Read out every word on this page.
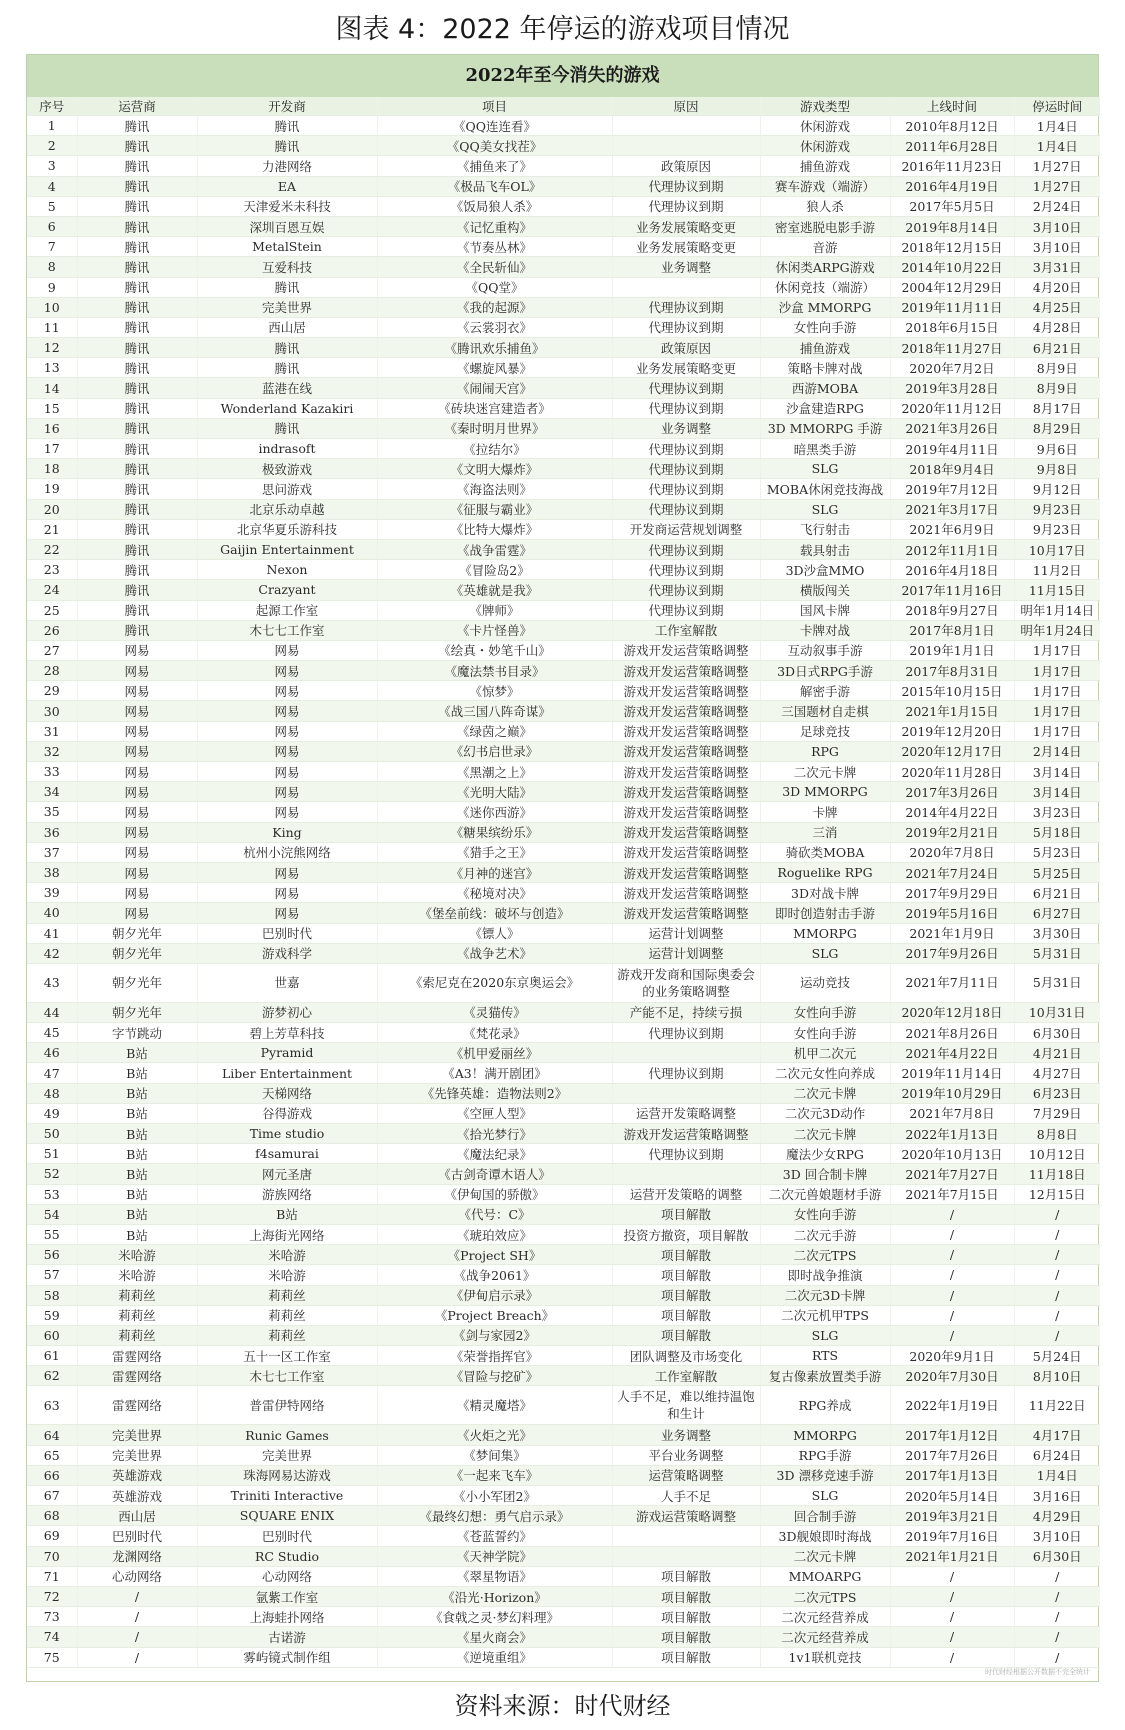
图表 4：2022 年停运的游戏项目情况
2022年至今消失的游戏
序号	运营商	开发商	项目	原因	游戏类型	上线时间	停运时间
1	腾讯	腾讯	《QQ连连看》		休闲游戏	2010年8月12日	1月4日
2	腾讯	腾讯	《QQ美女找茬》		休闲游戏	2011年6月28日	1月4日
3	腾讯	力港网络	《捕鱼来了》	政策原因	捕鱼游戏	2016年11月23日	1月27日
4	腾讯	EA	《极品飞车OL》	代理协议到期	赛车游戏（端游）	2016年4月19日	1月27日
5	腾讯	天津爱米未科技	《饭局狼人杀》	代理协议到期	狼人杀	2017年5月5日	2月24日
6	腾讯	深圳百恩互娱	《记忆重构》	业务发展策略变更	密室逃脱电影手游	2019年8月14日	3月10日
7	腾讯	MetalStein	《节奏丛林》	业务发展策略变更	音游	2018年12月15日	3月10日
8	腾讯	互爱科技	《全民斩仙》	业务调整	休闲类ARPG游戏	2014年10月22日	3月31日
9	腾讯	腾讯	《QQ堂》		休闲竞技（端游）	2004年12月29日	4月20日
10	腾讯	完美世界	《我的起源》	代理协议到期	沙盒 MMORPG	2019年11月11日	4月25日
11	腾讯	西山居	《云裳羽衣》	代理协议到期	女性向手游	2018年6月15日	4月28日
12	腾讯	腾讯	《腾讯欢乐捕鱼》	政策原因	捕鱼游戏	2018年11月27日	6月21日
13	腾讯	腾讯	《螺旋风暴》	业务发展策略变更	策略卡牌对战	2020年7月2日	8月9日
14	腾讯	蓝港在线	《闹闹天宫》	代理协议到期	西游MOBA	2019年3月28日	8月9日
15	腾讯	Wonderland Kazakiri	《砖块迷宫建造者》	代理协议到期	沙盒建造RPG	2020年11月12日	8月17日
16	腾讯	腾讯	《秦时明月世界》	业务调整	3D MMORPG 手游	2021年3月26日	8月29日
17	腾讯	indrasoft	《拉结尔》	代理协议到期	暗黑类手游	2019年4月11日	9月6日
18	腾讯	极致游戏	《文明大爆炸》	代理协议到期	SLG	2018年9月4日	9月8日
19	腾讯	思问游戏	《海盗法则》	代理协议到期	MOBA休闲竞技海战	2019年7月12日	9月12日
20	腾讯	北京乐动卓越	《征服与霸业》	代理协议到期	SLG	2021年3月17日	9月23日
21	腾讯	北京华夏乐游科技	《比特大爆炸》	开发商运营规划调整	飞行射击	2021年6月9日	9月23日
22	腾讯	Gaijin Entertainment	《战争雷霆》	代理协议到期	载具射击	2012年11月1日	10月17日
23	腾讯	Nexon	《冒险岛2》	代理协议到期	3D沙盒MMO	2016年4月18日	11月2日
24	腾讯	Crazyant	《英雄就是我》	代理协议到期	横版闯关	2017年11月16日	11月15日
25	腾讯	起源工作室	《牌师》	代理协议到期	国风卡牌	2018年9月27日	明年1月14日
26	腾讯	木七七工作室	《卡片怪兽》	工作室解散	卡牌对战	2017年8月1日	明年1月24日
27	网易	网易	《绘真・妙笔千山》	游戏开发运营策略调整	互动叙事手游	2019年1月1日	1月17日
28	网易	网易	《魔法禁书目录》	游戏开发运营策略调整	3D日式RPG手游	2017年8月31日	1月17日
29	网易	网易	《惊梦》	游戏开发运营策略调整	解密手游	2015年10月15日	1月17日
30	网易	网易	《战三国八阵奇谋》	游戏开发运营策略调整	三国题材自走棋	2021年1月15日	1月17日
31	网易	网易	《绿茵之巅》	游戏开发运营策略调整	足球竞技	2019年12月20日	1月17日
32	网易	网易	《幻书启世录》	游戏开发运营策略调整	RPG	2020年12月17日	2月14日
33	网易	网易	《黑潮之上》	游戏开发运营策略调整	二次元卡牌	2020年11月28日	3月14日
34	网易	网易	《光明大陆》	游戏开发运营策略调整	3D MMORPG	2017年3月26日	3月14日
35	网易	网易	《迷你西游》	游戏开发运营策略调整	卡牌	2014年4月22日	3月23日
36	网易	King	《糖果缤纷乐》	游戏开发运营策略调整	三消	2019年2月21日	5月18日
37	网易	杭州小浣熊网络	《猎手之王》	游戏开发运营策略调整	骑砍类MOBA	2020年7月8日	5月23日
38	网易	网易	《月神的迷宫》	游戏开发运营策略调整	Roguelike RPG	2021年7月24日	5月25日
39	网易	网易	《秘境对决》	游戏开发运营策略调整	3D对战卡牌	2017年9月29日	6月21日
40	网易	网易	《堡垒前线：破坏与创造》	游戏开发运营策略调整	即时创造射击手游	2019年5月16日	6月27日
41	朝夕光年	巴别时代	《镖人》	运营计划调整	MMORPG	2021年1月9日	3月30日
42	朝夕光年	游戏科学	《战争艺术》	运营计划调整	SLG	2017年9月26日	5月31日
43	朝夕光年	世嘉	《索尼克在2020东京奥运会》	游戏开发商和国际奥委会的业务策略调整	运动竞技	2021年7月11日	5月31日
44	朝夕光年	游梦初心	《灵猫传》	产能不足，持续亏损	女性向手游	2020年12月18日	10月31日
45	字节跳动	碧上芳草科技	《梵花录》	代理协议到期	女性向手游	2021年8月26日	6月30日
46	B站	Pyramid	《机甲爱丽丝》		机甲二次元	2021年4月22日	4月21日
47	B站	Liber Entertainment	《A3！满开剧团》	代理协议到期	二次元女性向养成	2019年11月14日	4月27日
48	B站	天梯网络	《先锋英雄：造物法则2》		二次元卡牌	2019年10月29日	6月23日
49	B站	谷得游戏	《空匣人型》	运营开发策略调整	二次元3D动作	2021年7月8日	7月29日
50	B站	Time studio	《拾光梦行》	游戏开发运营策略调整	二次元卡牌	2022年1月13日	8月8日
51	B站	f4samurai	《魔法纪录》	代理协议到期	魔法少女RPG	2020年10月13日	10月12日
52	B站	网元圣唐	《古剑奇谭木语人》		3D 回合制卡牌	2021年7月27日	11月18日
53	B站	游族网络	《伊甸国的骄傲》	运营开发策略的调整	二次元兽娘题材手游	2021年7月15日	12月15日
54	B站	B站	《代号：C》	项目解散	女性向手游	/	/
55	B站	上海街光网络	《琥珀效应》	投资方撤资，项目解散	二次元手游	/	/
56	米哈游	米哈游	《Project SH》	项目解散	二次元TPS	/	/
57	米哈游	米哈游	《战争2061》	项目解散	即时战争推演	/	/
58	莉莉丝	莉莉丝	《伊甸启示录》	项目解散	二次元3D卡牌	/	/
59	莉莉丝	莉莉丝	《Project Breach》	项目解散	二次元机甲TPS	/	/
60	莉莉丝	莉莉丝	《剑与家园2》	项目解散	SLG	/	/
61	雷霆网络	五十一区工作室	《荣誉指挥官》	团队调整及市场变化	RTS	2020年9月1日	5月24日
62	雷霆网络	木七七工作室	《冒险与挖矿》	工作室解散	复古像素放置类手游	2020年7月30日	8月10日
63	雷霆网络	普雷伊特网络	《精灵魔塔》	人手不足，难以维持温饱和生计	RPG养成	2022年1月19日	11月22日
64	完美世界	Runic Games	《火炬之光》	业务调整	MMORPG	2017年1月12日	4月17日
65	完美世界	完美世界	《梦间集》	平台业务调整	RPG手游	2017年7月26日	6月24日
66	英雄游戏	珠海网易达游戏	《一起来飞车》	运营策略调整	3D 漂移竞速手游	2017年1月13日	1月4日
67	英雄游戏	Triniti Interactive	《小小军团2》	人手不足	SLG	2020年5月14日	3月16日
68	西山居	SQUARE ENIX	《最终幻想：勇气启示录》	游戏运营策略调整	回合制手游	2019年3月21日	4月29日
69	巴别时代	巴别时代	《苍蓝誓约》		3D舰娘即时海战	2019年7月16日	3月10日
70	龙渊网络	RC Studio	《天神学院》		二次元卡牌	2021年1月21日	6月30日
71	心动网络	心动网络	《翠星物语》	项目解散	MMOARPG	/	/
72	/	氩紫工作室	《沿光·Horizon》	项目解散	二次元TPS	/	/
73	/	上海蛙扑网络	《食戟之灵·梦幻料理》	项目解散	二次元经营养成	/	/
74	/	古诺游	《星火商会》	项目解散	二次元经营养成	/	/
75	/	雾屿镜式制作组	《逆境重组》	项目解散	1v1联机竞技	/	/
时代财经根据公开数据不完全统计
资料来源：时代财经
